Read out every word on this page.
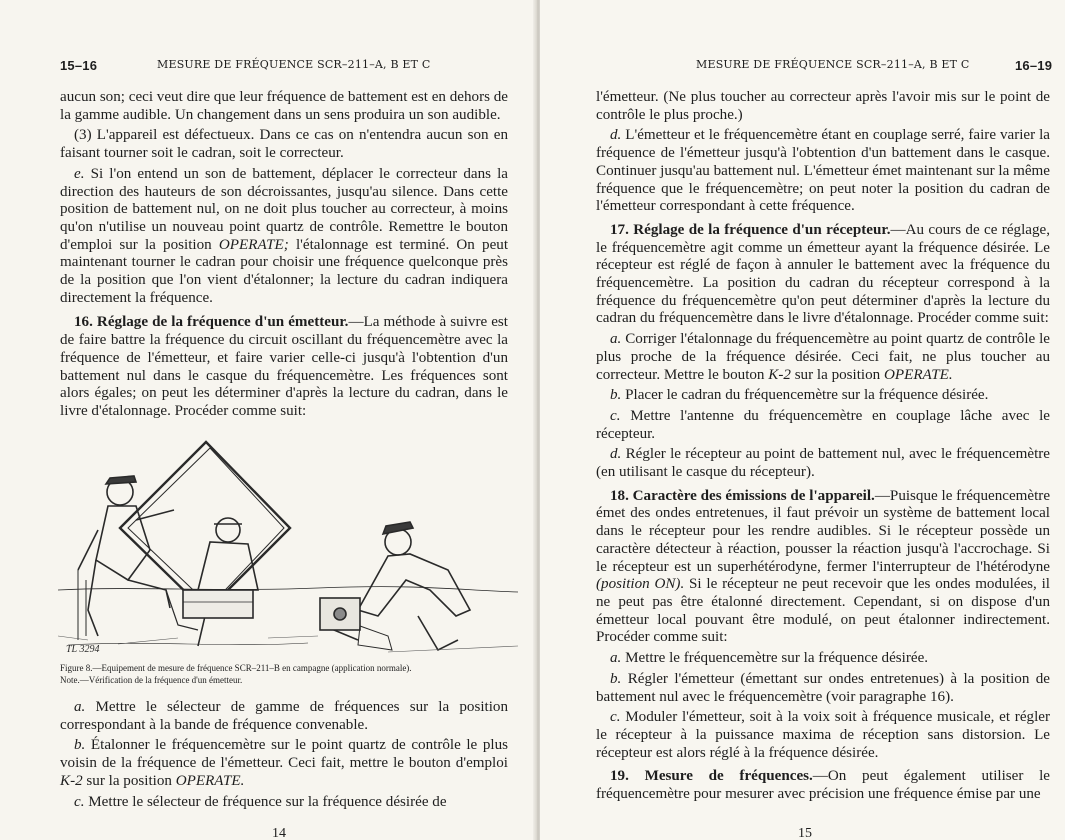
15–16	MESURE DE FRÉQUENCE SCR–211–A, B ET C

aucun son; ceci veut dire que leur fréquence de battement est en dehors de la gamme audible. Un changement dans un sens produira un son audible.

(3) L'appareil est défectueux. Dans ce cas on n'entendra aucun son en faisant tourner soit le cadran, soit le correcteur.

e. Si l'on entend un son de battement, déplacer le correcteur dans la direction des hauteurs de son décroissantes, jusqu'au silence. Dans cette position de battement nul, on ne doit plus toucher au correcteur, à moins qu'on n'utilise un nouveau point quartz de contrôle. Remettre le bouton d'emploi sur la position OPERATE; l'étalonnage est terminé. On peut maintenant tourner le cadran pour choisir une fréquence quelconque près de la position que l'on vient d'étalonner; la lecture du cadran indiquera directement la fréquence.

16. Réglage de la fréquence d'un émetteur.—La méthode à suivre est de faire battre la fréquence du circuit oscillant du fréquencemètre avec la fréquence de l'émetteur, et faire varier celle-ci jusqu'à l'obtention d'un battement nul dans le casque du fréquencemètre. Les fréquences sont alors égales; on peut les déterminer d'après la lecture du cadran, dans le livre d'étalonnage. Procéder comme suit:

TL 3294
Figure 8.—Equipement de mesure de fréquence SCR–211–B en campagne (application normale).
Note.—Vérification de la fréquence d'un émetteur.

a. Mettre le sélecteur de gamme de fréquences sur la position correspondant à la bande de fréquence convenable.

b. Étalonner le fréquencemètre sur le point quartz de contrôle le plus voisin de la fréquence de l'émetteur. Ceci fait, mettre le bouton d'emploi K-2 sur la position OPERATE.

c. Mettre le sélecteur de fréquence sur la fréquence désirée de

14
MESURE DE FRÉQUENCE SCR–211–A, B ET C	16–19

l'émetteur. (Ne plus toucher au correcteur après l'avoir mis sur le point de contrôle le plus proche.)

d. L'émetteur et le fréquencemètre étant en couplage serré, faire varier la fréquence de l'émetteur jusqu'à l'obtention d'un battement dans le casque. Continuer jusqu'au battement nul. L'émetteur émet maintenant sur la même fréquence que le fréquencemètre; on peut noter la position du cadran de l'émetteur correspondant à cette fréquence.

17. Réglage de la fréquence d'un récepteur.—Au cours de ce réglage, le fréquencemètre agit comme un émetteur ayant la fréquence désirée. Le récepteur est réglé de façon à annuler le battement avec la fréquence du fréquencemètre. La position du cadran du récepteur correspond à la fréquence du fréquencemètre qu'on peut déterminer d'après la lecture du cadran du fréquencemètre dans le livre d'étalonnage. Procéder comme suit:

a. Corriger l'étalonnage du fréquencemètre au point quartz de contrôle le plus proche de la fréquence désirée. Ceci fait, ne plus toucher au correcteur. Mettre le bouton K-2 sur la position OPERATE.

b. Placer le cadran du fréquencemètre sur la fréquence désirée.

c. Mettre l'antenne du fréquencemètre en couplage lâche avec le récepteur.

d. Régler le récepteur au point de battement nul, avec le fréquencemètre (en utilisant le casque du récepteur).

18. Caractère des émissions de l'appareil.—Puisque le fréquencemètre émet des ondes entretenues, il faut prévoir un système de battement local dans le récepteur pour les rendre audibles. Si le récepteur possède un caractère détecteur à réaction, pousser la réaction jusqu'à l'accrochage. Si le récepteur est un superhétérodyne, fermer l'interrupteur de l'hétérodyne (position ON). Si le récepteur ne peut recevoir que les ondes modulées, il ne peut pas être étalonné directement. Cependant, si on dispose d'un émetteur local pouvant être modulé, on peut étalonner indirectement. Procéder comme suit:

a. Mettre le fréquencemètre sur la fréquence désirée.

b. Régler l'émetteur (émettant sur ondes entretenues) à la position de battement nul avec le fréquencemètre (voir paragraphe 16).

c. Moduler l'émetteur, soit à la voix soit à fréquence musicale, et régler le récepteur à la puissance maxima de réception sans distorsion. Le récepteur est alors réglé à la fréquence désirée.

19. Mesure de fréquences.—On peut également utiliser le fréquencemètre pour mesurer avec précision une fréquence émise par une

15
